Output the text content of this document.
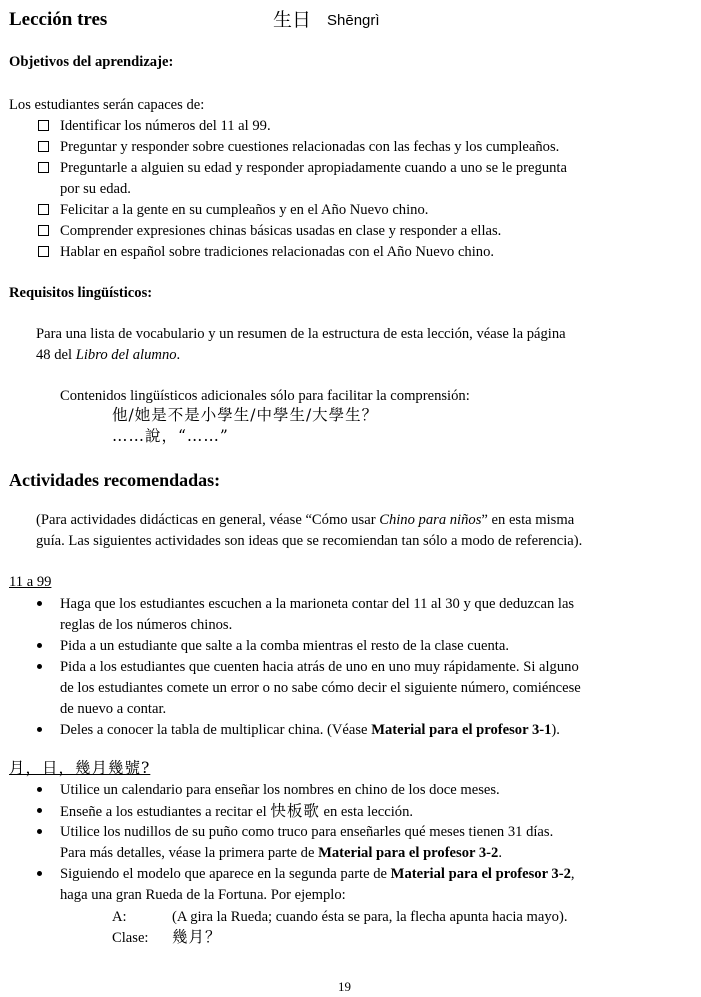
Lección tres	生日 Shēngrì
Objetivos del aprendizaje:
Los estudiantes serán capaces de:
Identificar los números del 11 al 99.
Preguntar y responder sobre cuestiones relacionadas con las fechas y los cumpleaños.
Preguntarle a alguien su edad y responder apropiadamente cuando a uno se le pregunta
por su edad.
Felicitar a la gente en su cumpleaños y en el Año Nuevo chino.
Comprender expresiones chinas básicas usadas en clase y responder a ellas.
Hablar en español sobre tradiciones relacionadas con el Año Nuevo chino.
Requisitos lingüísticos:
Para una lista de vocabulario y un resumen de la estructura de esta lección, véase la página
48 del Libro del alumno.
Contenidos lingüísticos adicionales sólo para facilitar la comprensión:
他/她是不是小學生/中學生/大學生？
……說，“……”
Actividades recomendadas:
(Para actividades didácticas en general, véase “Cómo usar Chino para niños” en esta misma
guía. Las siguientes actividades son ideas que se recomiendan tan sólo a modo de referencia).
11 a 99
Haga que los estudiantes escuchen a la marioneta contar del 11 al 30 y que deduzcan las
reglas de los números chinos.
Pida a un estudiante que salte a la comba mientras el resto de la clase cuenta.
Pida a los estudiantes que cuenten hacia atrás de uno en uno muy rápidamente. Si alguno
de los estudiantes comete un error o no sabe cómo decir el siguiente número, comiéncese
de nuevo a contar.
Deles a conocer la tabla de multiplicar china. (Véase Material para el profesor 3-1).
月，日，幾月幾號?
Utilice un calendario para enseñar los nombres en chino de los doce meses.
Enseñe a los estudiantes a recitar el 快板歌 en esta lección.
Utilice los nudillos de su puño como truco para enseñarles qué meses tienen 31 días.
Para más detalles, véase la primera parte de Material para el profesor 3-2.
Siguiendo el modelo que aparece en la segunda parte de Material para el profesor 3-2,
haga una gran Rueda de la Fortuna. Por ejemplo:
A:	(A gira la Rueda; cuando ésta se para, la flecha apunta hacia mayo).
Clase: 幾月？
19
